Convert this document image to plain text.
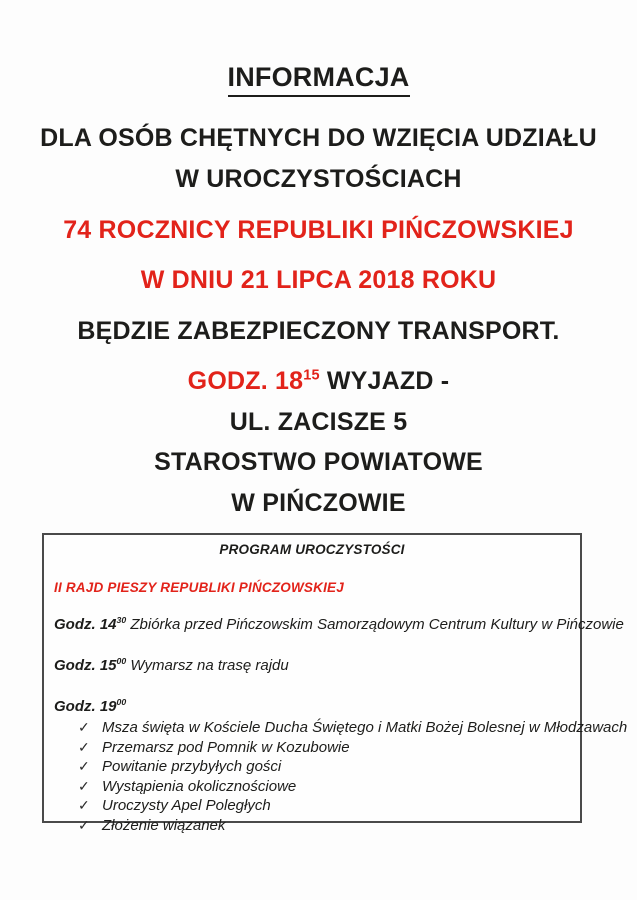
INFORMACJA
DLA OSÓB CHĘTNYCH DO WZIĘCIA UDZIAŁU
W UROCZYSTOŚCIACH
74 ROCZNICY REPUBLIKI PIŃCZOWSKIEJ
W DNIU 21 LIPCA 2018 ROKU
BĘDZIE ZABEZPIECZONY TRANSPORT.
GODZ. $18^{15}$ WYJAZD -
UL. ZACISZE 5
STAROSTWO POWIATOWE
W PIŃCZOWIE
PROGRAM UROCZYSTOŚCI
II RAJD PIESZY REPUBLIKI PIŃCZOWSKIEJ

Godz. $14^{30}$ Zbiórka przed Pińczowskim Samorządowym Centrum Kultury w Pińczowie

Godz. $15^{00}$ Wymarsz na trasę rajdu

Godz. $19^{00}$

✓ Msza święta w Kościele Ducha Świętego i Matki Bożej Bolesnej w Młodzawach
✓ Przemarsz pod Pomnik w Kozubowie
✓ Powitanie przybyłych gości
✓ Wystąpienia okolicznościowe
✓ Uroczysty Apel Poległych
✓ Złożenie wiązanek
